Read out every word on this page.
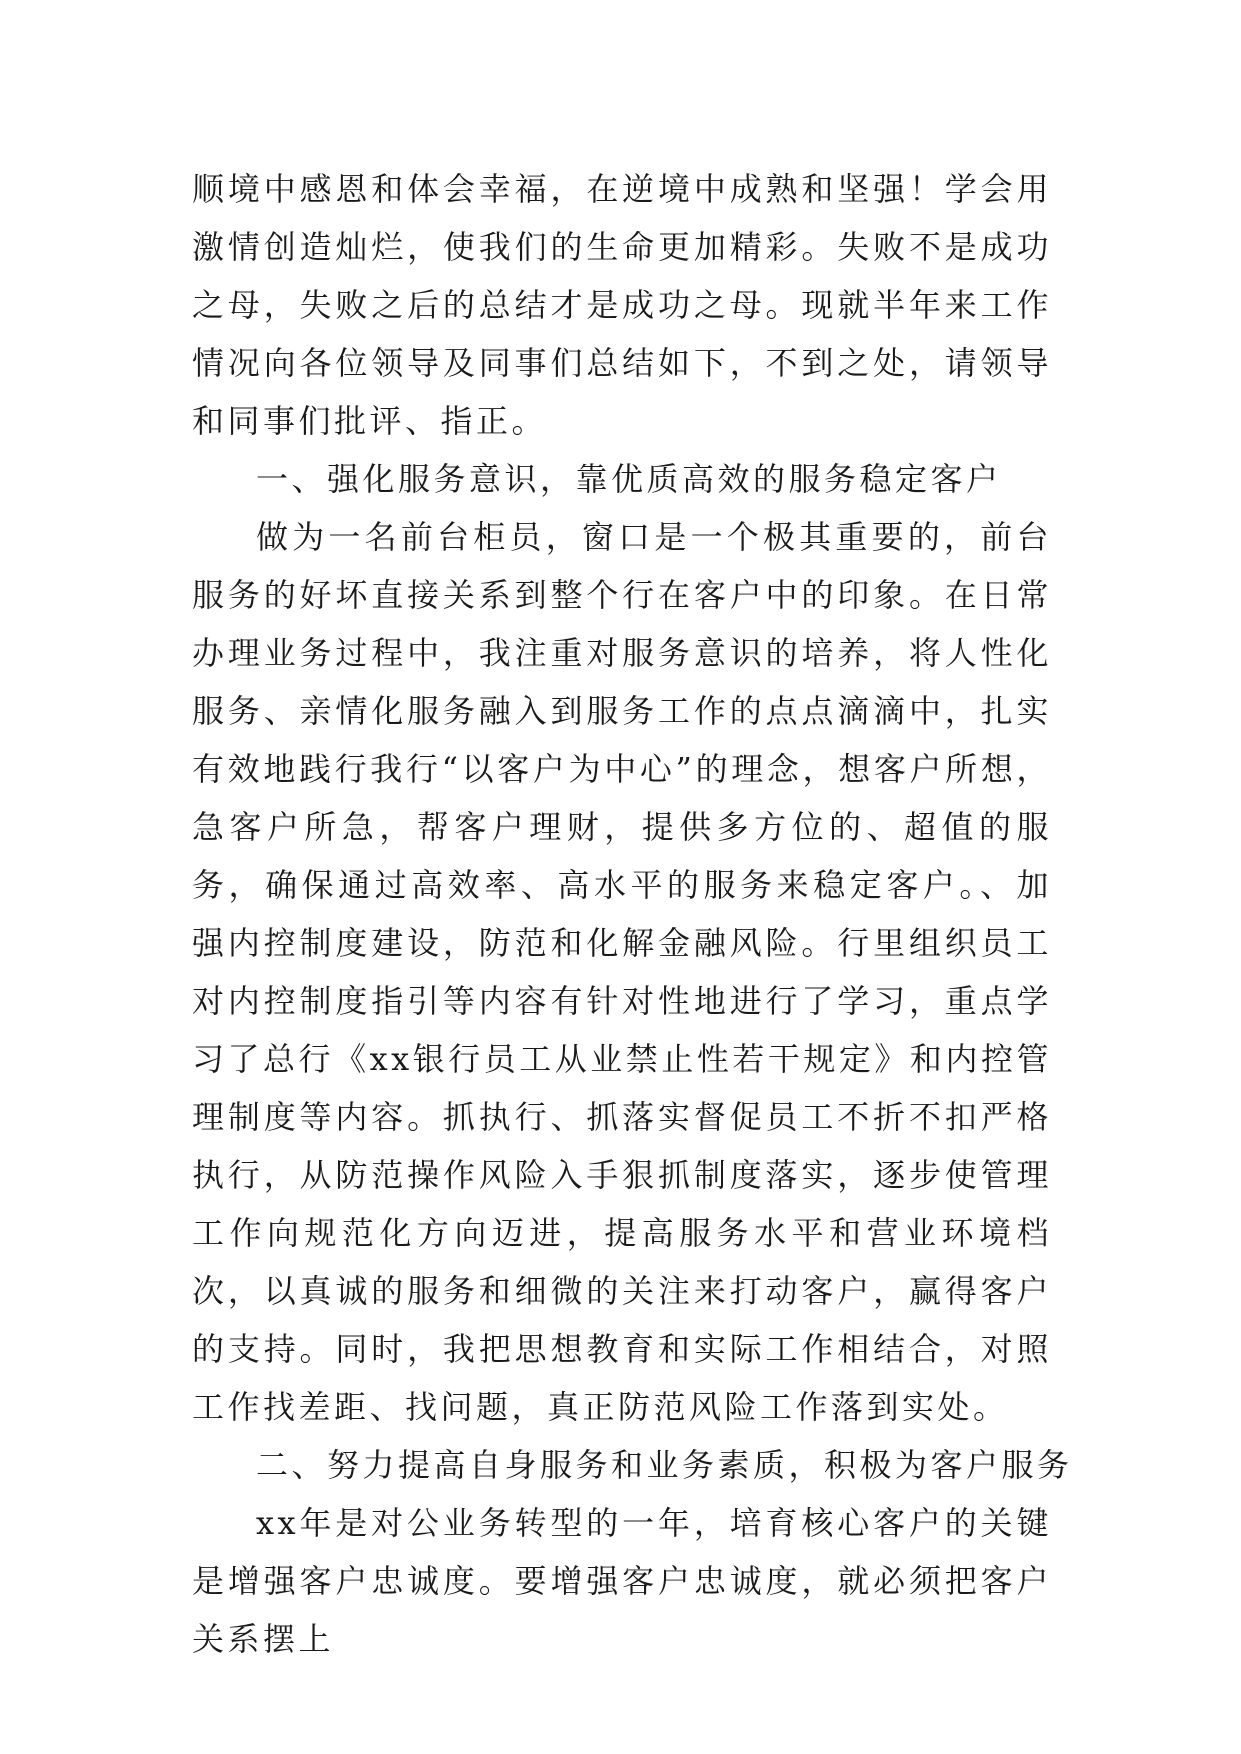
顺境中感恩和体会幸福，在逆境中成熟和坚强！学会用激情创造灿烂，使我们的生命更加精彩。失败不是成功之母，失败之后的总结才是成功之母。现就半年来工作情况向各位领导及同事们总结如下，不到之处，请领导和同事们批评、指正。

一、强化服务意识，靠优质高效的服务稳定客户

做为一名前台柜员，窗口是一个极其重要的，前台服务的好坏直接关系到整个行在客户中的印象。在日常办理业务过程中，我注重对服务意识的培养，将人性化服务、亲情化服务融入到服务工作的点点滴滴中，扎实有效地践行我行“以客户为中心”的理念，想客户所想，急客户所急，帮客户理财，提供多方位的、超值的服务，确保通过高效率、高水平的服务来稳定客户。、加强内控制度建设，防范和化解金融风险。行里组织员工对内控制度指引等内容有针对性地进行了学习，重点学习了总行《xx银行员工从业禁止性若干规定》和内控管理制度等内容。抓执行、抓落实督促员工不折不扣严格执行，从防范操作风险入手狠抓制度落实，逐步使管理工作向规范化方向迈进，提高服务水平和营业环境档次，以真诚的服务和细微的关注来打动客户，赢得客户的支持。同时，我把思想教育和实际工作相结合，对照工作找差距、找问题，真正防范风险工作落到实处。

二、努力提高自身服务和业务素质，积极为客户服务

xx年是对公业务转型的一年，培育核心客户的关键是增强客户忠诚度。要增强客户忠诚度，就必须把客户关系摆上
